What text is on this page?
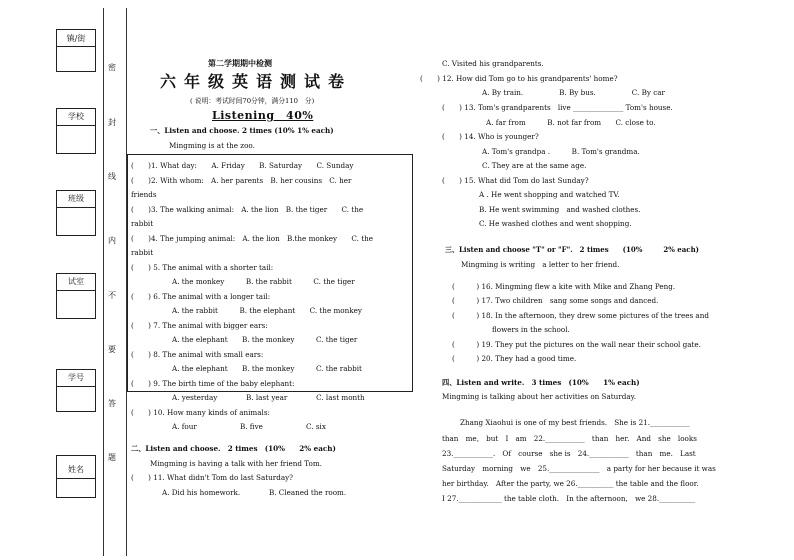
镇/街
学校
班级
试室
学号
姓名
密
封
线
内
不
要
答
题
第二学期期中检测
六年级英语测试卷
( 说明：考试时间70分钟，满分110　分)
Listening　40%
一、Listen and choose. 2 times (10% 1% each)
Mingming is at the zoo.
(　　)1. What day:　　A. Friday　　B. Saturday　　C. Sunday
(　　)2. With whom:　A. her parents　B. her cousins　C. her
friends
(　　)3. The walking animal:　A. the lion　B. the tiger　　C. the
rabbit
(　　)4. The jumping animal:　A. the lion　B.the monkey　　C. the
rabbit
(　　) 5. The animal with a shorter tail:
A. the monkey　　　B. the rabbit　　　C. the tiger
(　　) 6. The animal with a longer tail:
A. the rabbit　　　B. the elephant　　C. the monkey
(　　) 7. The animal with bigger ears:
A. the elephant　　B. the monkey　　　C. the tiger
(　　) 8. The animal with small ears:
A. the elephant　　B. the monkey　　　C. the rabbit
(　　) 9. The birth time of the baby elephant:
A. yesterday　　　　B. last year　　　　C. last month
(　　) 10. How many kinds of animals:
A. four　　　　　　B. five　　　　　　C. six
二、Listen and choose.　2 times　(10%　　2% each)
Mingming is having a talk with her friend Tom.
(　　) 11. What didn't Tom do last Saturday?
A. Did his homework.　　　　B. Cleaned the room.
C. Visited his grandparents.
(　　) 12. How did Tom go to his grandparents' home?
A. By train.　　　　　B. By bus.　　　　　C. By car
(　　) 13. Tom's grandparents　live ______________ Tom's house.
A. far from　　　B. not far from　　C. close to.
(　　) 14. Who is younger?
A. Tom's grandpa .　　　B. Tom's grandma.
C. They are at the same age.
(　　) 15. What did Tom do last Sunday?
A . He went shopping and watched TV.
B. He went swimming　and washed clothes.
C. He washed clothes and went shopping.
三、Listen and choose "T" or "F".　2 times　　(10%　　　2% each)
Mingming is writing　a letter to her friend.
(　　　) 16. Mingming flew a kite with Mike and Zhang Peng.
(　　　) 17. Two children　sang some songs and danced.
(　　　) 18. In the afternoon, they drew some pictures of the trees and
flowers in the school.
(　　　) 19. They put the pictures on the wall near their school gate.
(　　　) 20. They had a good time.
四、Listen and write.　3 times　(10%　　1% each)
Mingming is talking about her activities on Saturday.
Zhang Xiaohui is one of my best friends.　She is 21.___________
than　me,　but　I　am　22.___________　than　her.　And　she　looks
23.___________.　Of　course　she is　24.___________　than　me.　Last
Saturday　morning　we　25.______________　a party for her because it was
her birthday.　After the party, we 26.__________ the table and the floor.
I 27.____________ the table cloth.　In the afternoon,　we 28.__________
